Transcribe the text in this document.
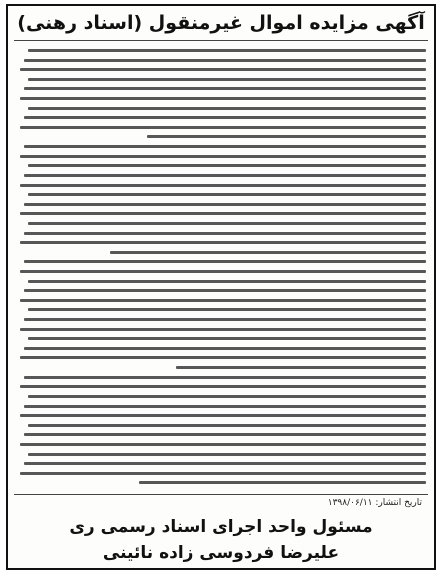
آگهی مزایده اموال غیرمنقول (اسناد رهنی)
تاریخ انتشار: ۱۳۹۸/۰۶/۱۱
مسئول واحد اجرای اسناد رسمی ری
علیرضا فردوسی زاده نائینی
